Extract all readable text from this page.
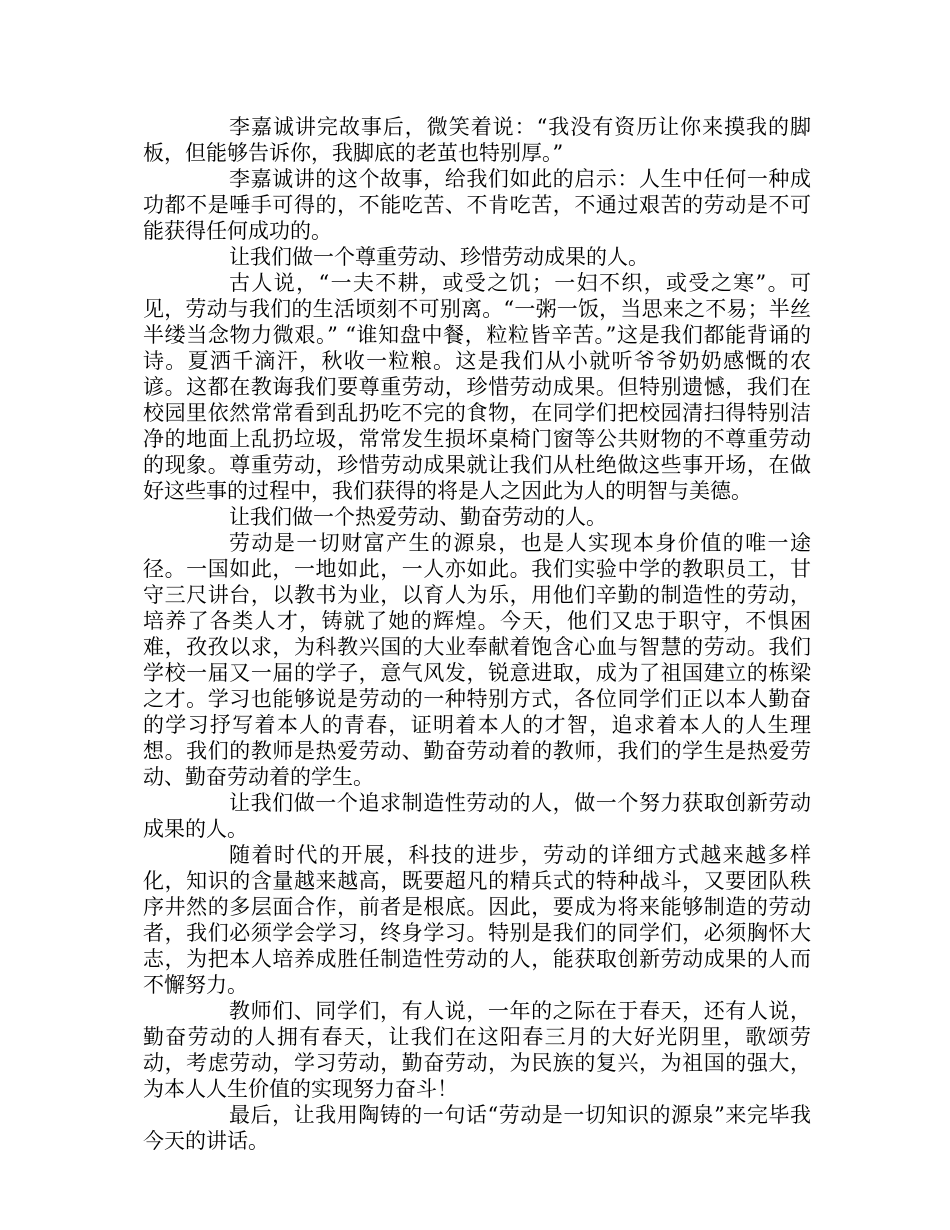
李嘉诚讲完故事后，微笑着说：“我没有资历让你来摸我的脚板，但能够告诉你，我脚底的老茧也特别厚。”

李嘉诚讲的这个故事，给我们如此的启示：人生中任何一种成功都不是唾手可得的，不能吃苦、不肯吃苦，不通过艰苦的劳动是不可能获得任何成功的。

让我们做一个尊重劳动、珍惜劳动成果的人。

古人说，“一夫不耕，或受之饥；一妇不织，或受之寒”。可见，劳动与我们的生活顷刻不可别离。“一粥一饭，当思来之不易；半丝半缕当念物力微艰。” “谁知盘中餐，粒粒皆辛苦。”这是我们都能背诵的诗。夏洒千滴汗，秋收一粒粮。这是我们从小就听爷爷奶奶感慨的农谚。这都在教诲我们要尊重劳动，珍惜劳动成果。但特别遗憾，我们在校园里依然常常看到乱扔吃不完的食物，在同学们把校园清扫得特别洁净的地面上乱扔垃圾，常常发生损坏桌椅门窗等公共财物的不尊重劳动的现象。尊重劳动，珍惜劳动成果就让我们从杜绝做这些事开场，在做好这些事的过程中，我们获得的将是人之因此为人的明智与美德。

让我们做一个热爱劳动、勤奋劳动的人。

劳动是一切财富产生的源泉，也是人实现本身价值的唯一途径。一国如此，一地如此，一人亦如此。我们实验中学的教职员工，甘守三尺讲台，以教书为业，以育人为乐，用他们辛勤的制造性的劳动，培养了各类人才，铸就了她的辉煌。今天，他们又忠于职守，不惧困难，孜孜以求，为科教兴国的大业奉献着饱含心血与智慧的劳动。我们学校一届又一届的学子，意气风发，锐意进取，成为了祖国建立的栋梁之才。学习也能够说是劳动的一种特别方式，各位同学们正以本人勤奋的学习抒写着本人的青春，证明着本人的才智，追求着本人的人生理想。我们的教师是热爱劳动、勤奋劳动着的教师，我们的学生是热爱劳动、勤奋劳动着的学生。

让我们做一个追求制造性劳动的人，做一个努力获取创新劳动成果的人。

随着时代的开展，科技的进步，劳动的详细方式越来越多样化，知识的含量越来越高，既要超凡的精兵式的特种战斗，又要团队秩序井然的多层面合作，前者是根底。因此，要成为将来能够制造的劳动者，我们必须学会学习，终身学习。特别是我们的同学们，必须胸怀大志，为把本人培养成胜任制造性劳动的人，能获取创新劳动成果的人而不懈努力。

教师们、同学们，有人说，一年的之际在于春天，还有人说，勤奋劳动的人拥有春天，让我们在这阳春三月的大好光阴里，歌颂劳动，考虑劳动，学习劳动，勤奋劳动，为民族的复兴，为祖国的强大，为本人人生价值的实现努力奋斗！

最后，让我用陶铸的一句话“劳动是一切知识的源泉”来完毕我今天的讲话。
